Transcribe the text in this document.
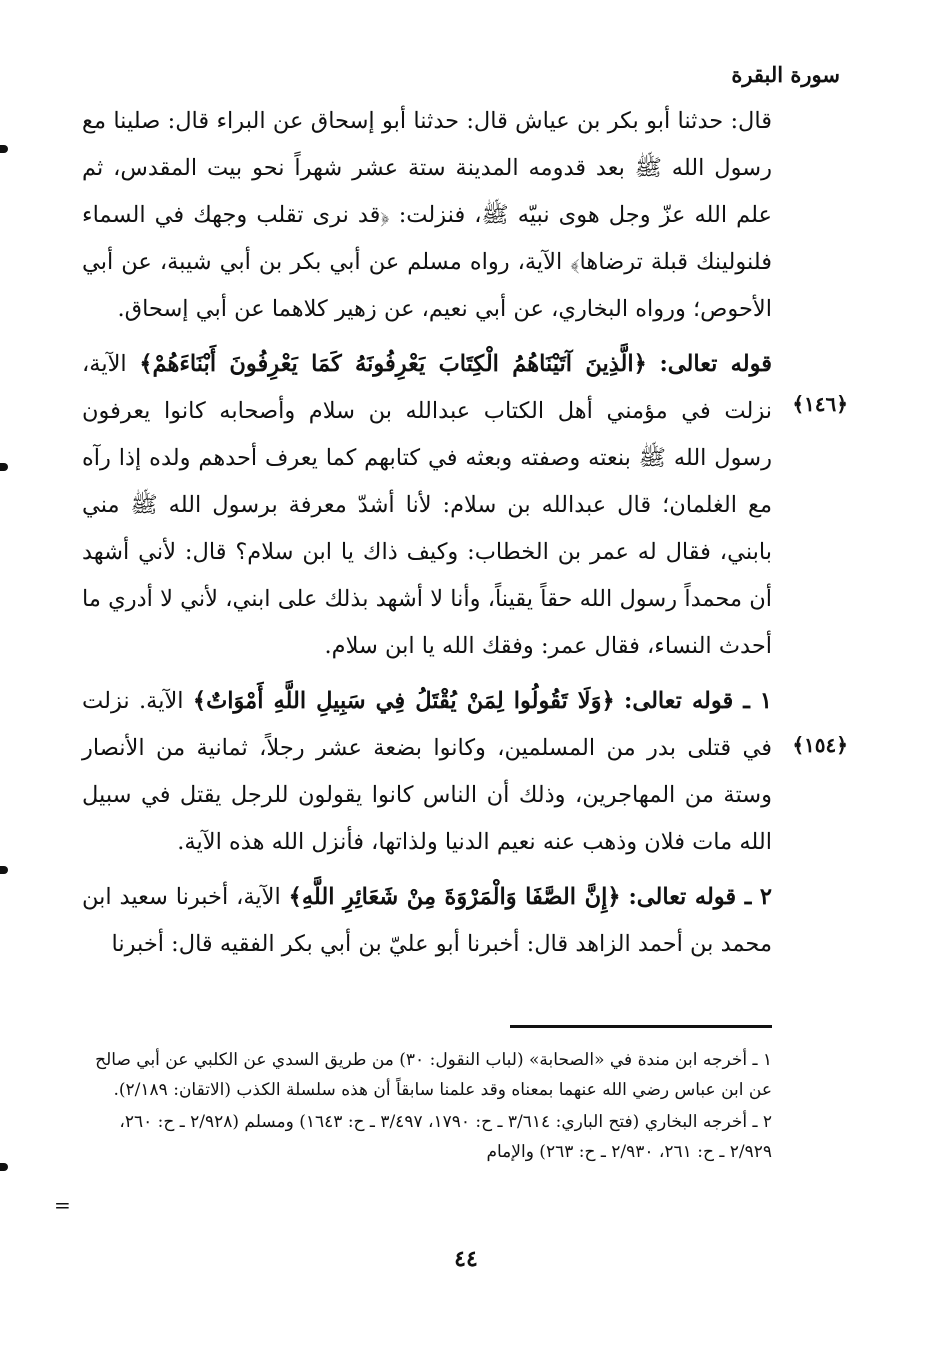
سورة البقرة
﴿١٤٦﴾
﴿١٥٤﴾

قال: حدثنا أبو بكر بن عياش قال: حدثنا أبو إسحاق عن البراء قال: صلينا مع رسول الله ﷺ بعد قدومه المدينة ستة عشر شهراً نحو بيت المقدس، ثم علم الله عزّ وجل هوى نبيّه ﷺ، فنزلت: ﴿قد نرى تقلب وجهك في السماء فلنولينك قبلة ترضاها﴾ الآية، رواه مسلم عن أبي بكر بن أبي شيبة، عن أبي الأحوص؛ ورواه البخاري، عن أبي نعيم، عن زهير كلاهما عن أبي إسحاق.

قوله تعالى: ﴿الَّذِينَ آتَيْنَاهُمُ الْكِتَابَ يَعْرِفُونَهُ كَمَا يَعْرِفُونَ أَبْنَاءَهُمْ﴾ الآية، نزلت في مؤمني أهل الكتاب عبدالله بن سلام وأصحابه كانوا يعرفون رسول الله ﷺ بنعته وصفته وبعثه في كتابهم كما يعرف أحدهم ولده إذا رآه مع الغلمان؛ قال عبدالله بن سلام: لأنا أشدّ معرفة برسول الله ﷺ مني بابني، فقال له عمر بن الخطاب: وكيف ذاك يا ابن سلام؟ قال: لأني أشهد أن محمداً رسول الله حقاً يقيناً، وأنا لا أشهد بذلك على ابني، لأني لا أدري ما أحدث النساء، فقال عمر: وفقك الله يا ابن سلام.

١ ـ قوله تعالى: ﴿وَلَا تَقُولُوا لِمَنْ يُقْتَلُ فِي سَبِيلِ اللَّهِ أَمْوَاتٌ﴾ الآية. نزلت في قتلى بدر من المسلمين، وكانوا بضعة عشر رجلاً، ثمانية من الأنصار وستة من المهاجرين، وذلك أن الناس كانوا يقولون للرجل يقتل في سبيل الله مات فلان وذهب عنه نعيم الدنيا ولذاتها، فأنزل الله هذه الآية.

٢ ـ قوله تعالى: ﴿إِنَّ الصَّفَا وَالْمَرْوَةَ مِنْ شَعَائِرِ اللَّهِ﴾ الآية، أخبرنا سعيد ابن محمد بن أحمد الزاهد قال: أخبرنا أبو عليّ بن أبي بكر الفقيه قال: أخبرنا

١ ـ أخرجه ابن مندة في «الصحابة» (لباب النقول: ٣٠) من طريق السدي عن الكلبي عن أبي صالح عن ابن عباس رضي الله عنهما بمعناه وقد علمنا سابقاً أن هذه سلسلة الكذب (الاتقان: ٢/١٨٩).

٢ ـ أخرجه البخاري (فتح الباري: ٣/٦١٤ ـ ح: ١٧٩٠، ٣/٤٩٧ ـ ح: ١٦٤٣) ومسلم (٢/٩٢٨ ـ ح: ٢٦٠، ٢/٩٢٩ ـ ح: ٢٦١، ٢/٩٣٠ ـ ح: ٢٦٣) والإمام

=
٤٤
